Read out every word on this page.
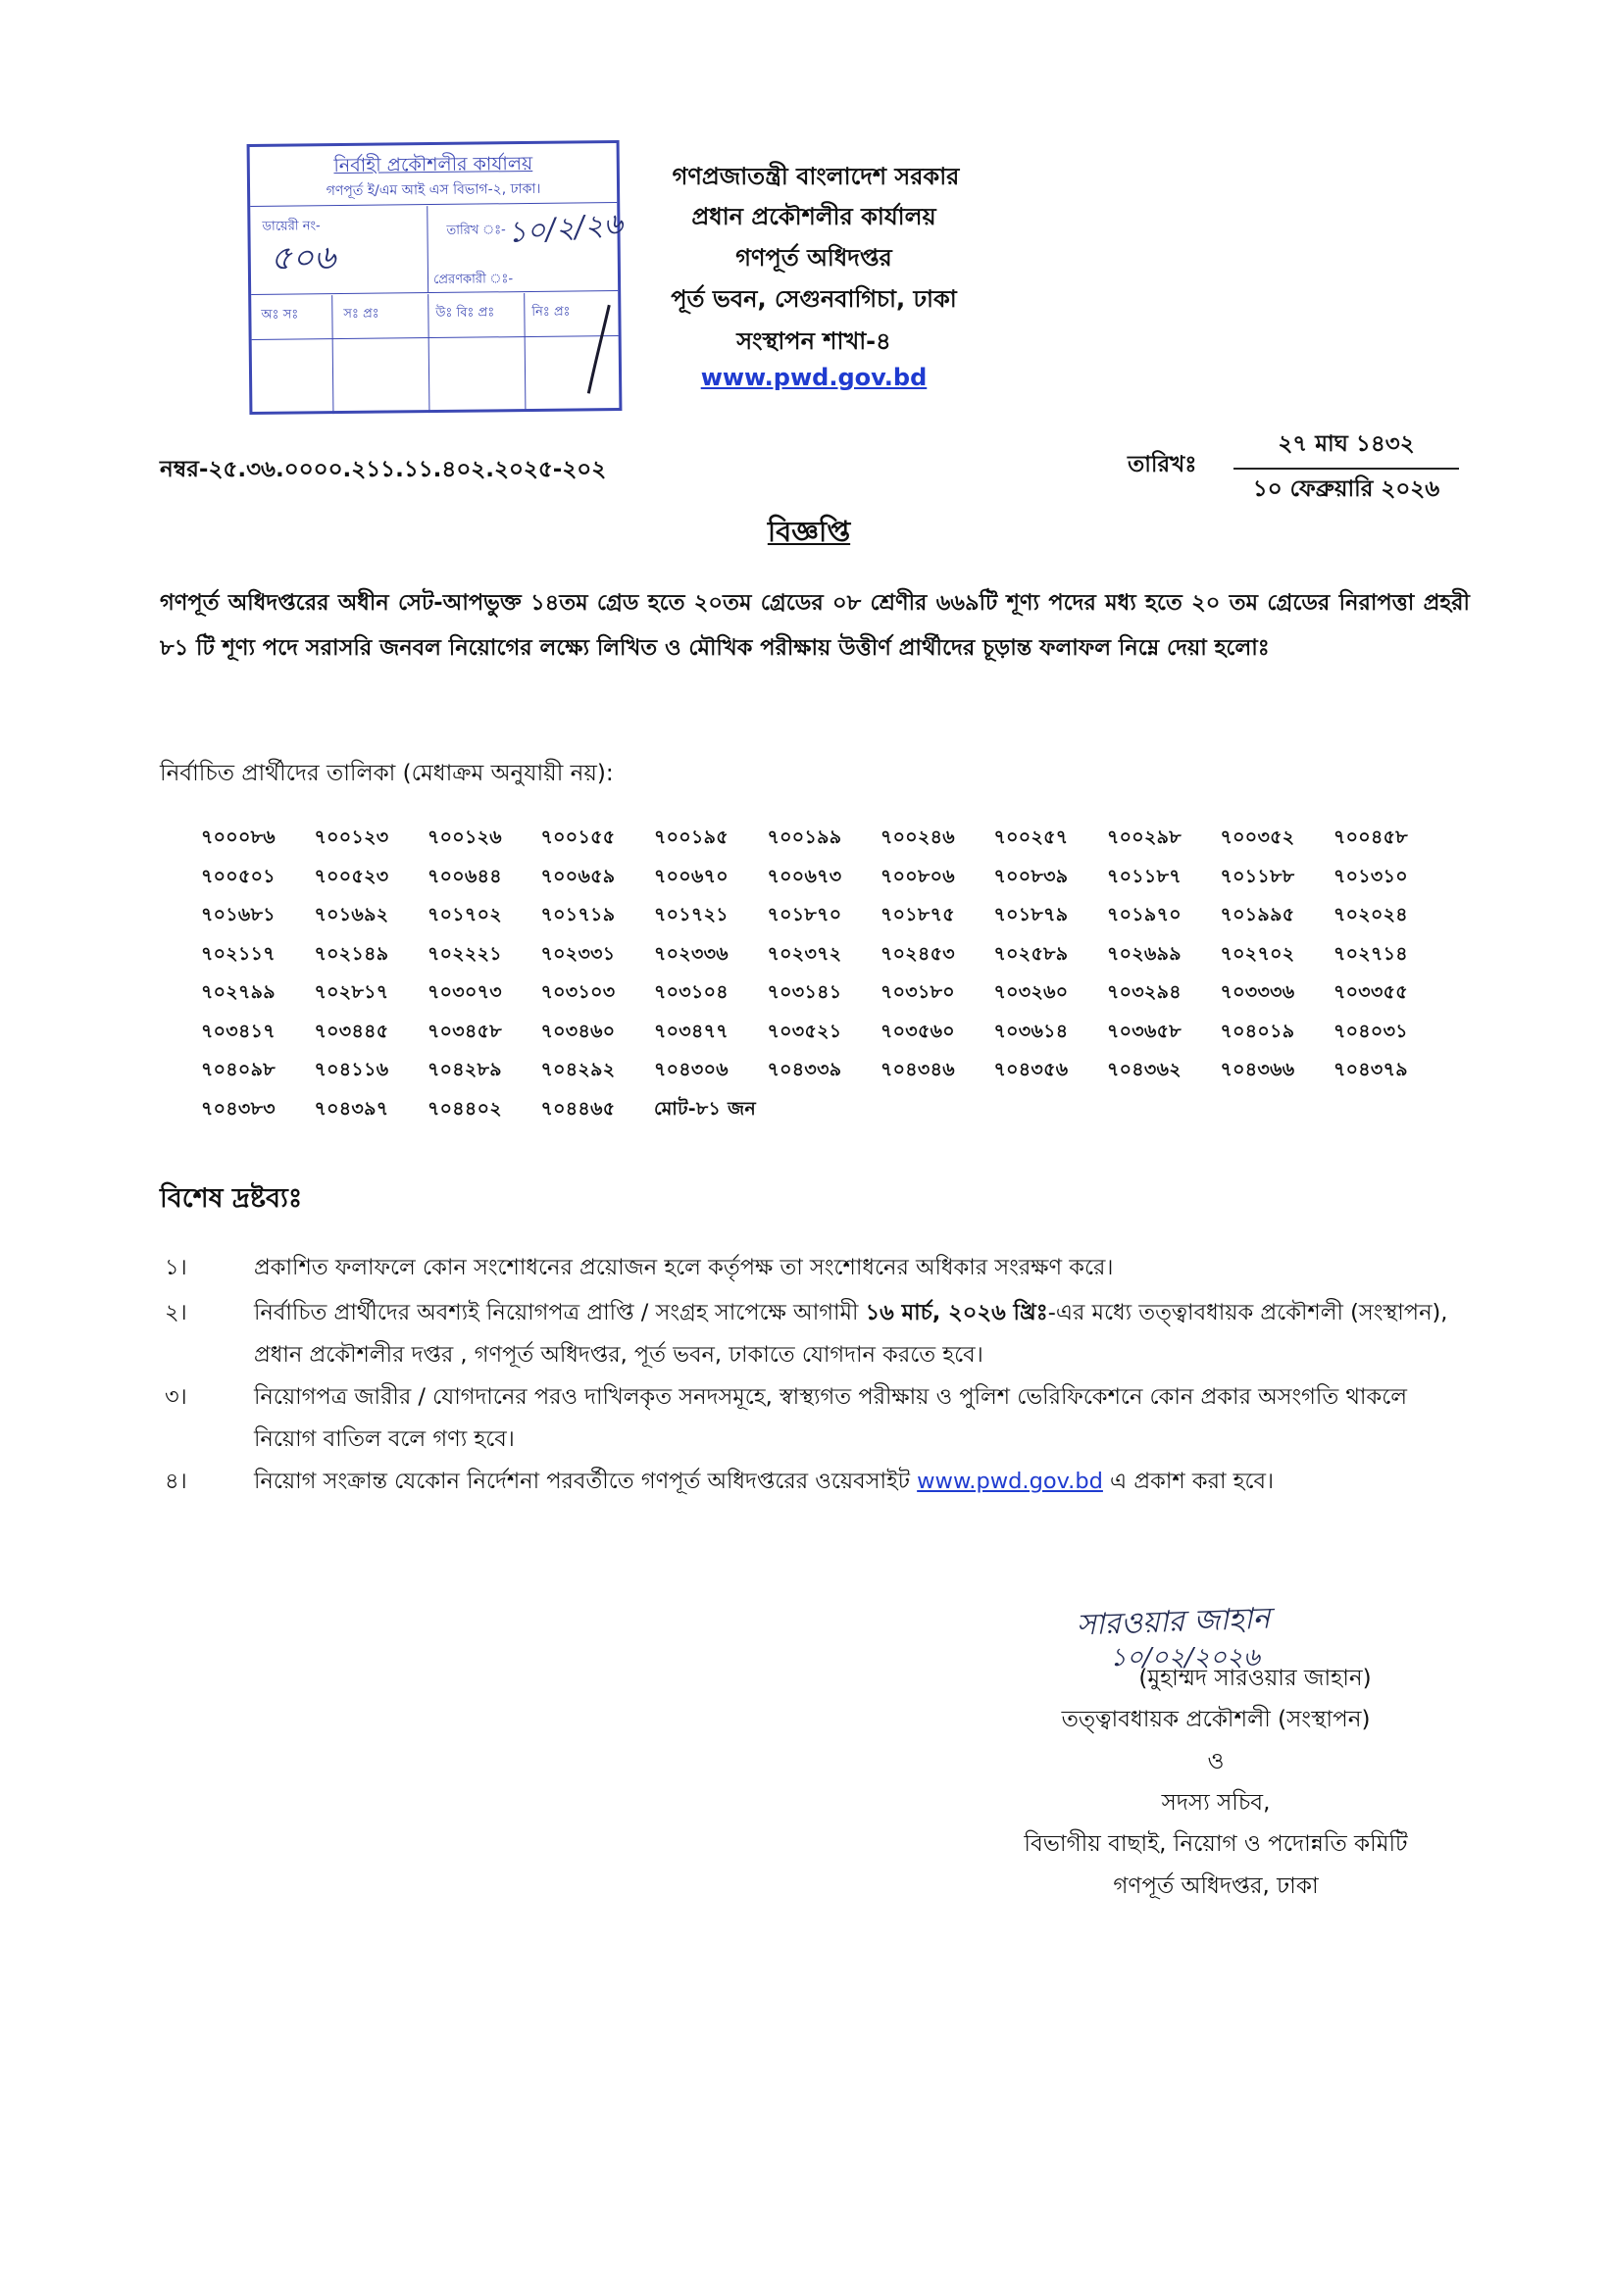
নির্বাহী প্রকৌশলীর কার্যালয়
গণপূর্ত ই/এম আই এস বিভাগ-২, ঢাকা।
ডায়েরী নং-
৫০৬
তারিখ ঃ- ১০/২/২৬
প্রেরণকারী ঃ-
অঃ সঃ	সঃ প্রঃ	উঃ বিঃ প্রঃ	নিঃ প্রঃ
গণপ্রজাতন্ত্রী বাংলাদেশ সরকার
প্রধান প্রকৌশলীর কার্যালয়
গণপূর্ত অধিদপ্তর
পূর্ত ভবন, সেগুনবাগিচা, ঢাকা
সংস্থাপন শাখা-৪
www.pwd.gov.bd
নম্বর-২৫.৩৬.০০০০.২১১.১১.৪০২.২০২৫-২০২	তারিখঃ
২৭ মাঘ ১৪৩২
১০ ফেব্রুয়ারি ২০২৬
বিজ্ঞপ্তি
গণপূর্ত অধিদপ্তরের অধীন সেট-আপভুক্ত ১৪তম গ্রেড হতে ২০তম গ্রেডের ০৮ শ্রেণীর ৬৬৯টি শূণ্য পদের মধ্য হতে ২০ তম গ্রেডের নিরাপত্তা প্রহরী ৮১ টি শূণ্য পদে সরাসরি জনবল নিয়োগের লক্ষ্যে লিখিত ও মৌখিক পরীক্ষায় উত্তীর্ণ প্রার্থীদের চূড়ান্ত ফলাফল নিম্নে দেয়া হলোঃ
নির্বাচিত প্রার্থীদের তালিকা (মেধাক্রম অনুযায়ী নয়):
৭০০০৮৬	৭০০১২৩	৭০০১২৬	৭০০১৫৫	৭০০১৯৫	৭০০১৯৯	৭০০২৪৬	৭০০২৫৭	৭০০২৯৮	৭০০৩৫২	৭০০৪৫৮
৭০০৫০১	৭০০৫২৩	৭০০৬৪৪	৭০০৬৫৯	৭০০৬৭০	৭০০৬৭৩	৭০০৮০৬	৭০০৮৩৯	৭০১১৮৭	৭০১১৮৮	৭০১৩১০
৭০১৬৮১	৭০১৬৯২	৭০১৭০২	৭০১৭১৯	৭০১৭২১	৭০১৮৭০	৭০১৮৭৫	৭০১৮৭৯	৭০১৯৭০	৭০১৯৯৫	৭০২০২৪
৭০২১১৭	৭০২১৪৯	৭০২২২১	৭০২৩৩১	৭০২৩৩৬	৭০২৩৭২	৭০২৪৫৩	৭০২৫৮৯	৭০২৬৯৯	৭০২৭০২	৭০২৭১৪
৭০২৭৯৯	৭০২৮১৭	৭০৩০৭৩	৭০৩১০৩	৭০৩১০৪	৭০৩১৪১	৭০৩১৮০	৭০৩২৬০	৭০৩২৯৪	৭০৩৩৩৬	৭০৩৩৫৫
৭০৩৪১৭	৭০৩৪৪৫	৭০৩৪৫৮	৭০৩৪৬০	৭০৩৪৭৭	৭০৩৫২১	৭০৩৫৬০	৭০৩৬১৪	৭০৩৬৫৮	৭০৪০১৯	৭০৪০৩১
৭০৪০৯৮	৭০৪১১৬	৭০৪২৮৯	৭০৪২৯২	৭০৪৩০৬	৭০৪৩৩৯	৭০৪৩৪৬	৭০৪৩৫৬	৭০৪৩৬২	৭০৪৩৬৬	৭০৪৩৭৯
৭০৪৩৮৩	৭০৪৩৯৭	৭০৪৪০২	৭০৪৪৬৫	মোট-৮১ জন
বিশেষ দ্রষ্টব্যঃ
১।	প্রকাশিত ফলাফলে কোন সংশোধনের প্রয়োজন হলে কর্তৃপক্ষ তা সংশোধনের অধিকার সংরক্ষণ করে।
২।	নির্বাচিত প্রার্থীদের অবশ্যই নিয়োগপত্র প্রাপ্তি / সংগ্রহ সাপেক্ষে আগামী ১৬ মার্চ, ২০২৬ খ্রিঃ-এর মধ্যে তত্ত্বাবধায়ক প্রকৌশলী (সংস্থাপন), প্রধান প্রকৌশলীর দপ্তর , গণপূর্ত অধিদপ্তর, পূর্ত ভবন, ঢাকাতে যোগদান করতে হবে।
৩।	নিয়োগপত্র জারীর / যোগদানের পরও দাখিলকৃত সনদসমূহে, স্বাস্থ্যগত পরীক্ষায় ও পুলিশ ভেরিফিকেশনে কোন প্রকার অসংগতি থাকলে নিয়োগ বাতিল বলে গণ্য হবে।
৪।	নিয়োগ সংক্রান্ত যেকোন নির্দেশনা পরবর্তীতে গণপূর্ত অধিদপ্তরের ওয়েবসাইট www.pwd.gov.bd এ প্রকাশ করা হবে।
সারওয়ার জাহান
১০/০২/২০২৬
(মুহাম্মদ সারওয়ার জাহান)
তত্ত্বাবধায়ক প্রকৌশলী (সংস্থাপন)
ও
সদস্য সচিব,
বিভাগীয় বাছাই, নিয়োগ ও পদোন্নতি কমিটি
গণপূর্ত অধিদপ্তর, ঢাকা
